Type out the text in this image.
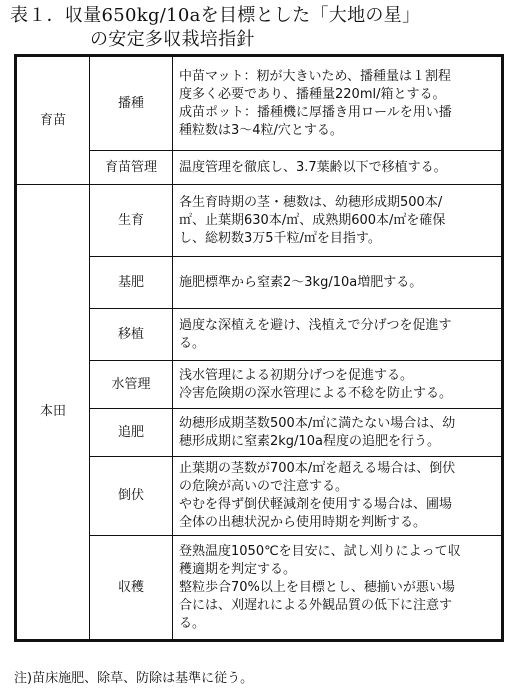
表１．収量650kg/10aを目標とした「大地の星」
の安定多収栽培指針
育苗	播種	中苗マット：籾が大きいため、播種量は１割程
度多く必要であり、播種量220ml/箱とする。
成苗ポット：播種機に厚播き用ロールを用い播
種粒数は3～4粒/穴とする。

	育苗管理	温度管理を徹底し、3.7葉齢以下で移植する。

本田	生育	各生育時期の茎・穂数は、幼穂形成期500本/
㎡、止葉期630本/㎡、成熟期600本/㎡を確保
し、総籾数3万5千粒/㎡を目指す。

	基肥	施肥標準から窒素2～3kg/10a増肥する。

	移植	過度な深植えを避け、浅植えで分げつを促進す
る。

	水管理	浅水管理による初期分げつを促進する。
冷害危険期の深水管理による不稔を防止する。

	追肥	幼穂形成期茎数500本/㎡に満たない場合は、幼
穂形成期に窒素2kg/10a程度の追肥を行う。

	倒伏	止葉期の茎数が700本/㎡を超える場合は、倒伏
の危険が高いので注意する。
やむを得ず倒伏軽減剤を使用する場合は、圃場
全体の出穂状況から使用時期を判断する。

	収穫	登熟温度1050℃を目安に、試し刈りによって収
穫適期を判定する。
整粒歩合70%以上を目標とし、穂揃いが悪い場
合には、刈遅れによる外観品質の低下に注意す
る。
注)苗床施肥、除草、防除は基準に従う。
